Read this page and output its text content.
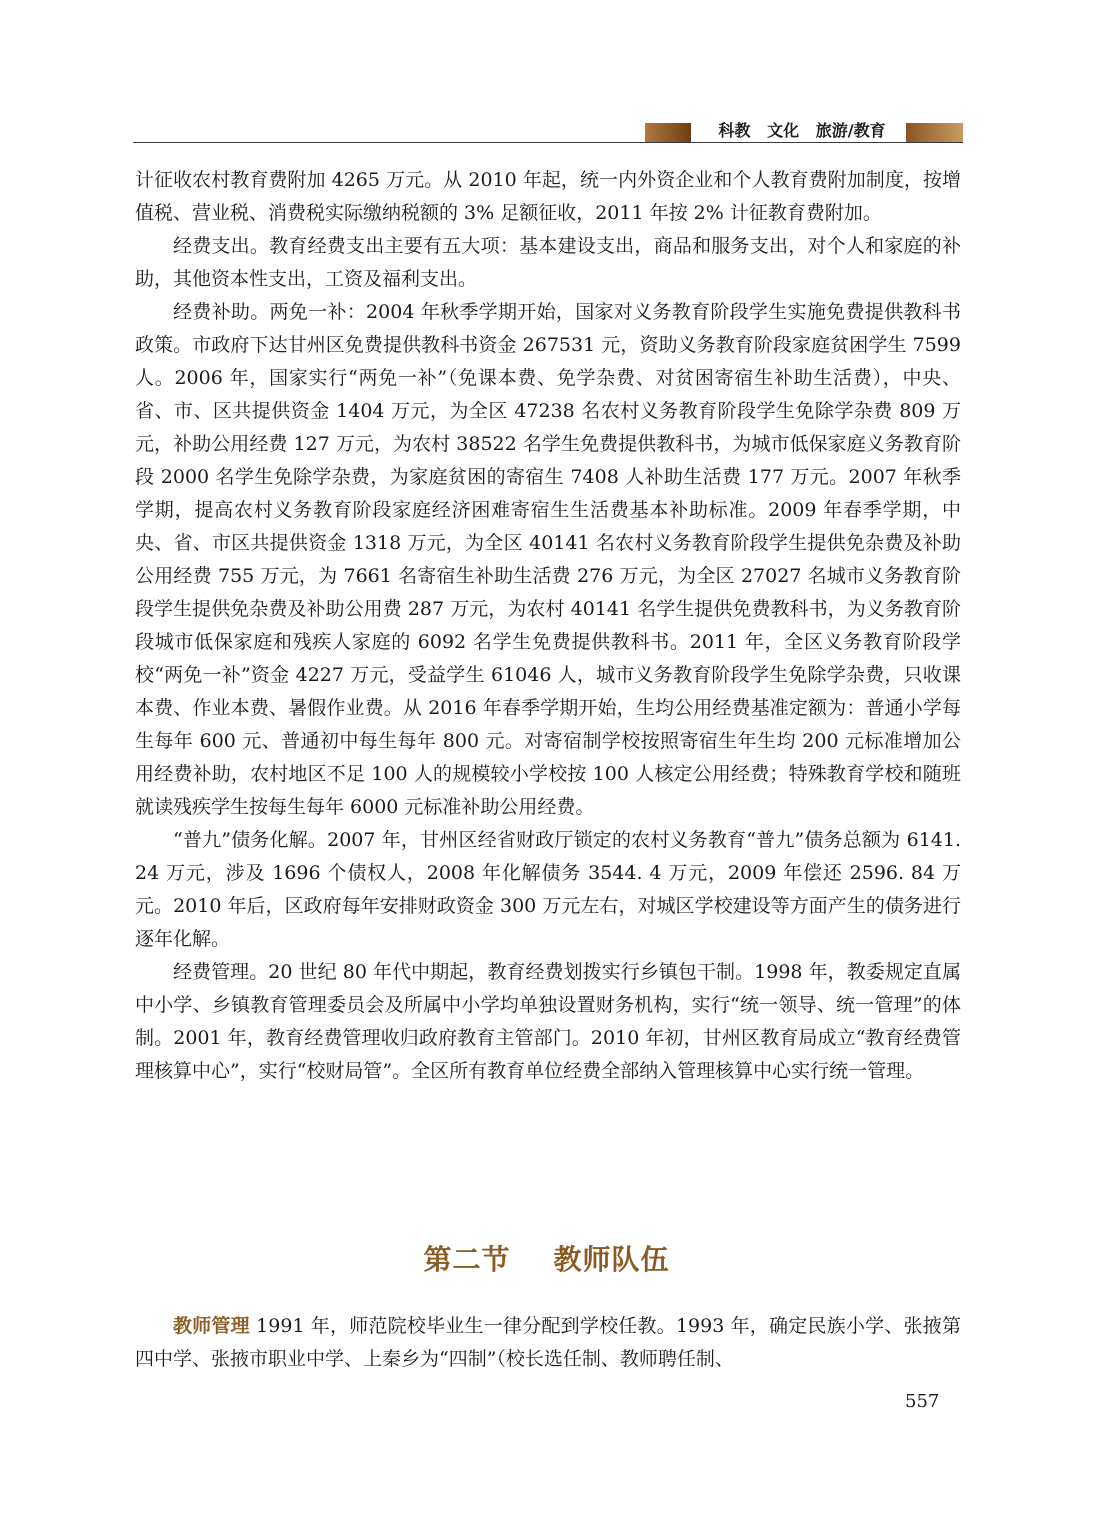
科教   文化   旅游∕教育

计征收农村教育费附加 4265 万元。从 2010 年起，统一内外资企业和个人教育费附加制度，按增值税、营业税、消费税实际缴纳税额的 3% 足额征收，2011 年按 2% 计征教育费附加。

经费支出。教育经费支出主要有五大项：基本建设支出，商品和服务支出，对个人和家庭的补助，其他资本性支出，工资及福利支出。

经费补助。两免一补：2004 年秋季学期开始，国家对义务教育阶段学生实施免费提供教科书政策。市政府下达甘州区免费提供教科书资金 267531 元，资助义务教育阶段家庭贫困学生 7599 人。2006 年，国家实行“两免一补”（免课本费、免学杂费、对贫困寄宿生补助生活费），中央、省、市、区共提供资金 1404 万元，为全区 47238 名农村义务教育阶段学生免除学杂费 809 万元，补助公用经费 127 万元，为农村 38522 名学生免费提供教科书，为城市低保家庭义务教育阶段 2000 名学生免除学杂费，为家庭贫困的寄宿生 7408 人补助生活费 177 万元。2007 年秋季学期，提高农村义务教育阶段家庭经济困难寄宿生生活费基本补助标准。2009 年春季学期，中央、省、市区共提供资金 1318 万元，为全区 40141 名农村义务教育阶段学生提供免杂费及补助公用经费 755 万元，为 7661 名寄宿生补助生活费 276 万元，为全区 27027 名城市义务教育阶段学生提供免杂费及补助公用费 287 万元，为农村 40141 名学生提供免费教科书，为义务教育阶段城市低保家庭和残疾人家庭的 6092 名学生免费提供教科书。2011 年，全区义务教育阶段学校“两免一补”资金 4227 万元，受益学生 61046 人，城市义务教育阶段学生免除学杂费，只收课本费、作业本费、暑假作业费。从 2016 年春季学期开始，生均公用经费基准定额为：普通小学每生每年 600 元、普通初中每生每年 800 元。对寄宿制学校按照寄宿生年生均 200 元标准增加公用经费补助，农村地区不足 100 人的规模较小学校按 100 人核定公用经费；特殊教育学校和随班就读残疾学生按每生每年 6000 元标准补助公用经费。

“普九”债务化解。2007 年，甘州区经省财政厅锁定的农村义务教育“普九”债务总额为 6141. 24 万元，涉及 1696 个债权人，2008 年化解债务 3544. 4 万元，2009 年偿还 2596. 84 万元。2010 年后，区政府每年安排财政资金 300 万元左右，对城区学校建设等方面产生的债务进行逐年化解。

经费管理。20 世纪 80 年代中期起，教育经费划拨实行乡镇包干制。1998 年，教委规定直属中小学、乡镇教育管理委员会及所属中小学均单独设置财务机构，实行“统一领导、统一管理”的体制。2001 年，教育经费管理收归政府教育主管部门。2010 年初，甘州区教育局成立“教育经费管理核算中心”，实行“校财局管”。全区所有教育单位经费全部纳入管理核算中心实行统一管理。

第二节    教师队伍

教师管理 1991 年，师范院校毕业生一律分配到学校任教。1993 年，确定民族小学、张掖第四中学、张掖市职业中学、上秦乡为“四制”（校长选任制、教师聘任制、

557
